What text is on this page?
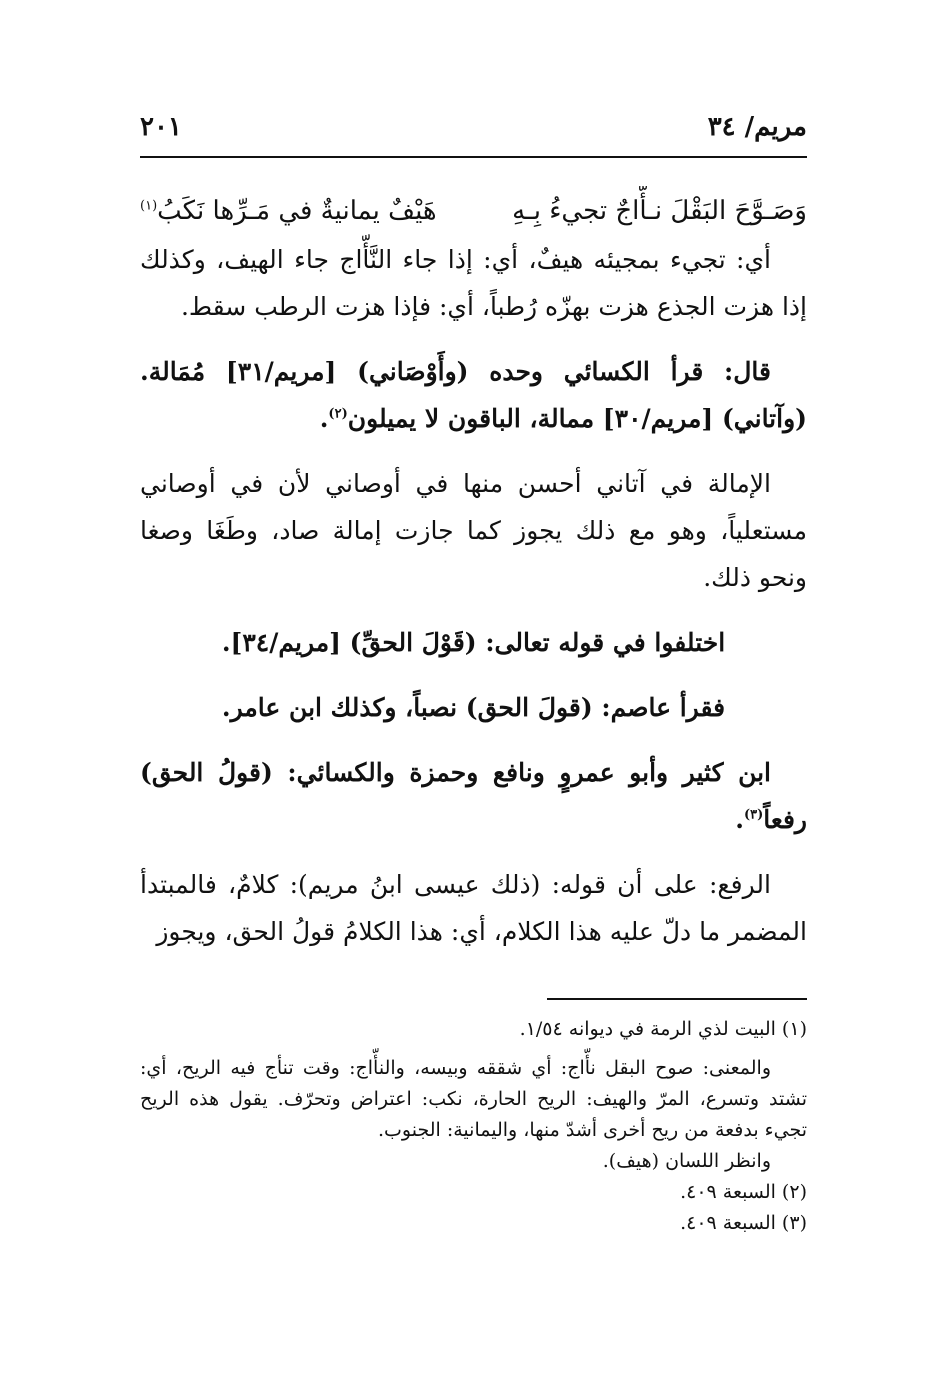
مريم/ ٣٤
٢٠١
وَصَـوَّحَ البَقْلَ نـأّاجٌ تجيءُ بِـهِ
هَيْفٌ يمانيةٌ في مَـرِّها نَكَبُ$^{(١)}$

أي: تجيء بمجيئه هيفٌ، أي: إذا جاء النَّأّاج جاء الهيف، وكذلك إذا هزت الجذع هزت بهزّه رُطباً، أي: فإذا هزت الرطب سقط.

قال: قرأ الكسائي وحده (وأَوْصَاني) [مريم/٣١] مُمَالة. (وآتاني) [مريم/٣٠] ممالة، الباقون لا يميلون$^{(٢)}$.

الإمالة في آتاني أحسن منها في أوصاني لأن في أوصاني مستعلياً، وهو مع ذلك يجوز كما جازت إمالة صاد، وطَغَا وصغا ونحو ذلك.

اختلفوا في قوله تعالى: (قَوْلَ الحقِّ) [مريم/٣٤].

فقرأ عاصم: (قولَ الحق) نصباً، وكذلك ابن عامر.

ابن كثير وأبو عمروٍ ونافع وحمزة والكسائي: (قولُ الحق) رفعاً$^{(٣)}$.

الرفع: على أن قوله: (ذلك عيسى ابنُ مريم): كلامٌ، فالمبتدأ المضمر ما دلّ عليه هذا الكلام، أي: هذا الكلامُ قولُ الحق، ويجوز

(١) البيت لذي الرمة في ديوانه ١/٥٤.

والمعنى: صوح البقل نأّاج: أي شققه وبيسه، والنأّاج: وقت تنأج فيه الريح، أي: تشتد وتسرع، المرّ والهيف: الريح الحارة، نكب: اعتراض وتحرّف. يقول هذه الريح تجيء بدفعة من ريح أخرى أشدّ منها، واليمانية: الجنوب.

وانظر اللسان (هيف).

(٢) السبعة ٤٠٩.

(٣) السبعة ٤٠٩.
